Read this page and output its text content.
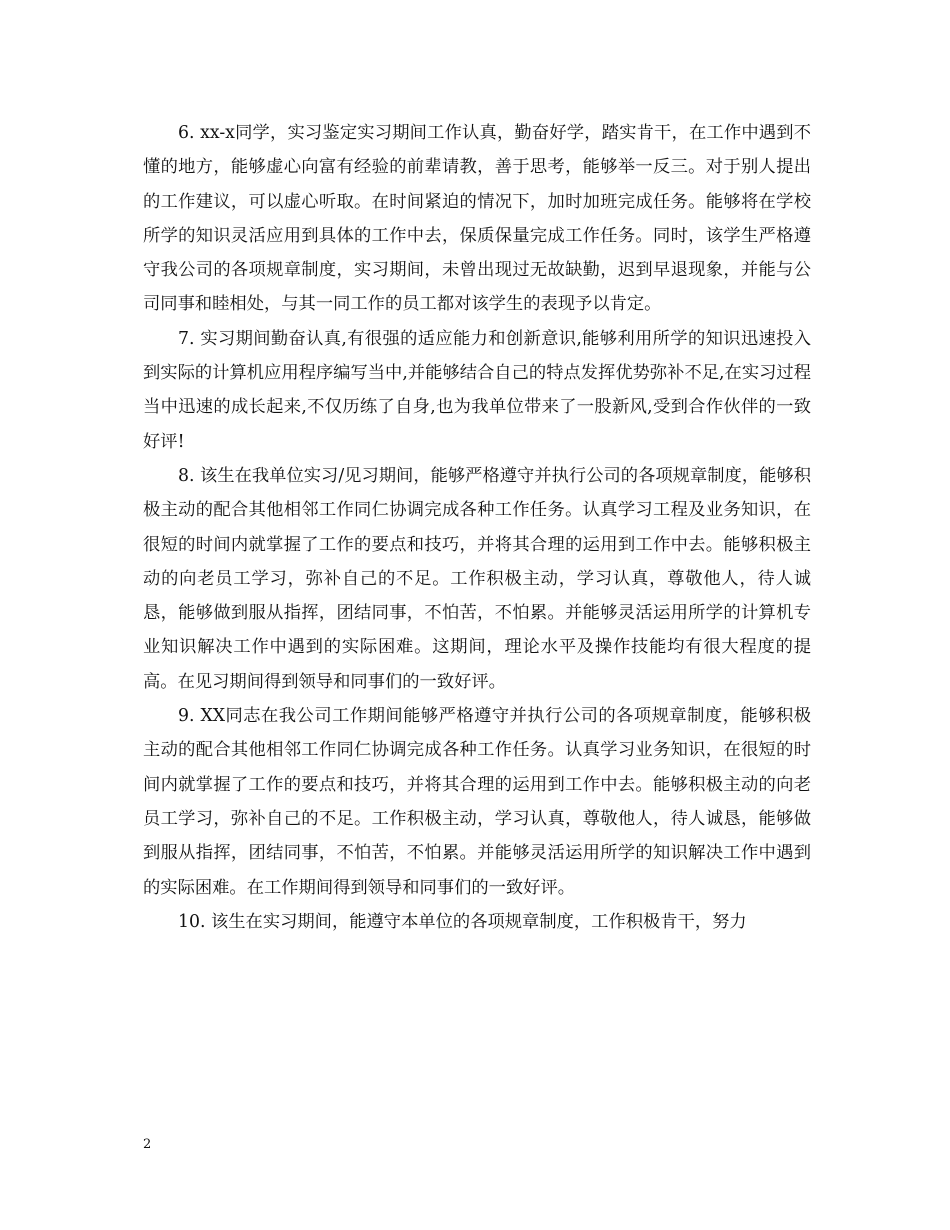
6. xx-x同学，实习鉴定实习期间工作认真，勤奋好学，踏实肯干，在工作中遇到不懂的地方，能够虚心向富有经验的前辈请教，善于思考，能够举一反三。对于别人提出的工作建议，可以虚心听取。在时间紧迫的情况下，加时加班完成任务。能够将在学校所学的知识灵活应用到具体的工作中去，保质保量完成工作任务。同时，该学生严格遵守我公司的各项规章制度，实习期间，未曾出现过无故缺勤，迟到早退现象，并能与公司同事和睦相处，与其一同工作的员工都对该学生的表现予以肯定。

7. 实习期间勤奋认真,有很强的适应能力和创新意识,能够利用所学的知识迅速投入到实际的计算机应用程序编写当中,并能够结合自己的特点发挥优势弥补不足,在实习过程当中迅速的成长起来,不仅历练了自身,也为我单位带来了一股新风,受到合作伙伴的一致好评!

8. 该生在我单位实习/见习期间，能够严格遵守并执行公司的各项规章制度，能够积极主动的配合其他相邻工作同仁协调完成各种工作任务。认真学习工程及业务知识，在很短的时间内就掌握了工作的要点和技巧，并将其合理的运用到工作中去。能够积极主动的向老员工学习，弥补自己的不足。工作积极主动，学习认真，尊敬他人，待人诚恳，能够做到服从指挥，团结同事，不怕苦，不怕累。并能够灵活运用所学的计算机专业知识解决工作中遇到的实际困难。这期间，理论水平及操作技能均有很大程度的提高。在见习期间得到领导和同事们的一致好评。

9. XX同志在我公司工作期间能够严格遵守并执行公司的各项规章制度，能够积极主动的配合其他相邻工作同仁协调完成各种工作任务。认真学习业务知识，在很短的时间内就掌握了工作的要点和技巧，并将其合理的运用到工作中去。能够积极主动的向老员工学习，弥补自己的不足。工作积极主动，学习认真，尊敬他人，待人诚恳，能够做到服从指挥，团结同事，不怕苦，不怕累。并能够灵活运用所学的知识解决工作中遇到的实际困难。在工作期间得到领导和同事们的一致好评。

10. 该生在实习期间，能遵守本单位的各项规章制度，工作积极肯干，努力

2
